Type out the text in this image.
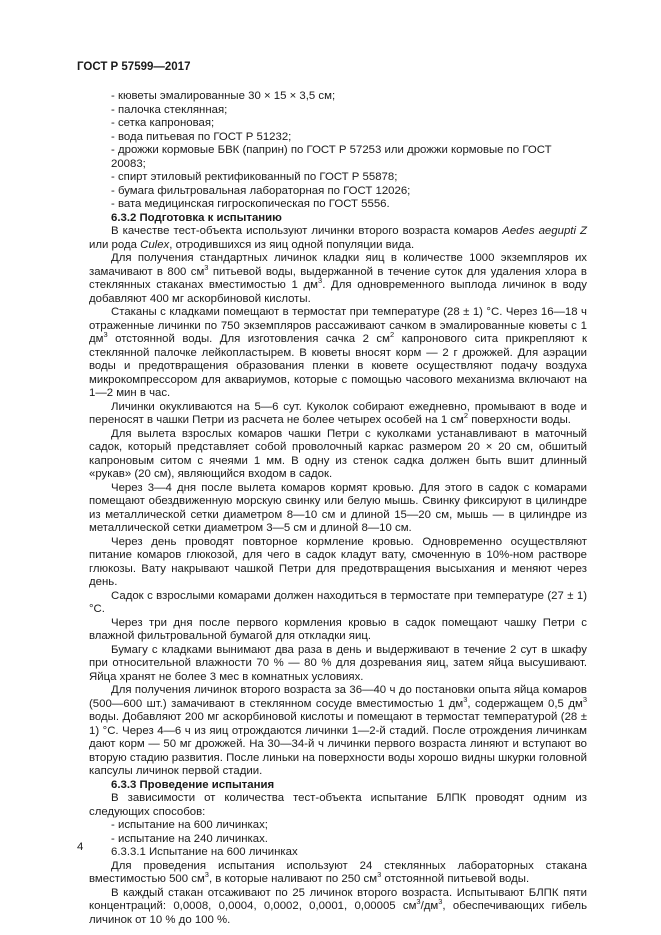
ГОСТ Р 57599—2017

- кюветы эмалированные 30 × 15 × 3,5 см;

- палочка стеклянная;

- сетка капроновая;

- вода питьевая по ГОСТ Р 51232;

- дрожжи кормовые БВК (паприн) по ГОСТ Р 57253 или дрожжи кормовые по ГОСТ 20083;

- спирт этиловый ректификованный по ГОСТ Р 55878;

- бумага фильтровальная лабораторная по ГОСТ 12026;

- вата медицинская гигроскопическая по ГОСТ 5556.

6.3.2 Подготовка к испытанию

В качестве тест-объекта используют личинки второго возраста комаров Aedes aegupti Z или рода Culex, отродившихся из яиц одной популяции вида.

Для получения стандартных личинок кладки яиц в количестве 1000 экземпляров их замачивают в 800 $см^3$ питьевой воды, выдержанной в течение суток для удаления хлора в стеклянных стаканах вместимостью 1 $дм^3$. Для одновременного выплода личинок в воду добавляют 400 мг аскорбиновой кислоты.

Стаканы с кладками помещают в термостат при температуре (28 ± 1) °С. Через 16—18 ч отраженные личинки по 750 экземпляров рассаживают сачком в эмалированные кюветы с 1 $дм^3$ отстоянной воды. Для изготовления сачка 2 $см^2$ капронового сита прикрепляют к стеклянной палочке лейкопластырем. В кюветы вносят корм — 2 г дрожжей. Для аэрации воды и предотвращения образования пленки в кювете осуществляют подачу воздуха микрокомпрессором для аквариумов, которые с помощью часового механизма включают на 1—2 мин в час.

Личинки окукливаются на 5—6 сут. Куколок собирают ежедневно, промывают в воде и переносят в чашки Петри из расчета не более четырех особей на 1 $см^2$ поверхности воды.

Для вылета взрослых комаров чашки Петри с куколками устанавливают в маточный садок, который представляет собой проволочный каркас размером 20 × 20 см, обшитый капроновым ситом с ячеями 1 мм. В одну из стенок садка должен быть вшит длинный «рукав» (20 см), являющийся входом в садок.

Через 3—4 дня после вылета комаров кормят кровью. Для этого в садок с комарами помещают обездвиженную морскую свинку или белую мышь. Свинку фиксируют в цилиндре из металлической сетки диаметром 8—10 см и длиной 15—20 см, мышь — в цилиндре из металлической сетки диаметром 3—5 см и длиной 8—10 см.

Через день проводят повторное кормление кровью. Одновременно осуществляют питание комаров глюкозой, для чего в садок кладут вату, смоченную в 10%-ном растворе глюкозы. Вату накрывают чашкой Петри для предотвращения высыхания и меняют через день.

Садок с взрослыми комарами должен находиться в термостате при температуре (27 ± 1) °С.

Через три дня после первого кормления кровью в садок помещают чашку Петри с влажной фильтровальной бумагой для откладки яиц.

Бумагу с кладками вынимают два раза в день и выдерживают в течение 2 сут в шкафу при относительной влажности 70 % — 80 % для дозревания яиц, затем яйца высушивают. Яйца хранят не более 3 мес в комнатных условиях.

Для получения личинок второго возраста за 36—40 ч до постановки опыта яйца комаров (500—600 шт.) замачивают в стеклянном сосуде вместимостью 1 $дм^3$, содержащем 0,5 $дм^3$ воды. Добавляют 200 мг аскорбиновой кислоты и помещают в термостат температурой (28 ± 1) °С. Через 4—6 ч из яиц отрождаются личинки 1—2-й стадий. После отрождения личинкам дают корм — 50 мг дрожжей. На 30—34-й ч личинки первого возраста линяют и вступают во вторую стадию развития. После линьки на поверхности воды хорошо видны шкурки головной капсулы личинок первой стадии.

6.3.3 Проведение испытания

В зависимости от количества тест-объекта испытание БЛПК проводят одним из следующих способов:

- испытание на 600 личинках;

- испытание на 240 личинках.

6.3.3.1 Испытание на 600 личинках

Для проведения испытания используют 24 стеклянных лабораторных стакана вместимостью 500 $см^3$, в которые наливают по 250 $см^3$ отстоянной питьевой воды.

В каждый стакан отсаживают по 25 личинок второго возраста. Испытывают БЛПК пяти концентраций: 0,0008, 0,0004, 0,0002, 0,0001, 0,00005 $см^3/дм^3$, обеспечивающих гибель личинок от 10 % до 100 %.

4
